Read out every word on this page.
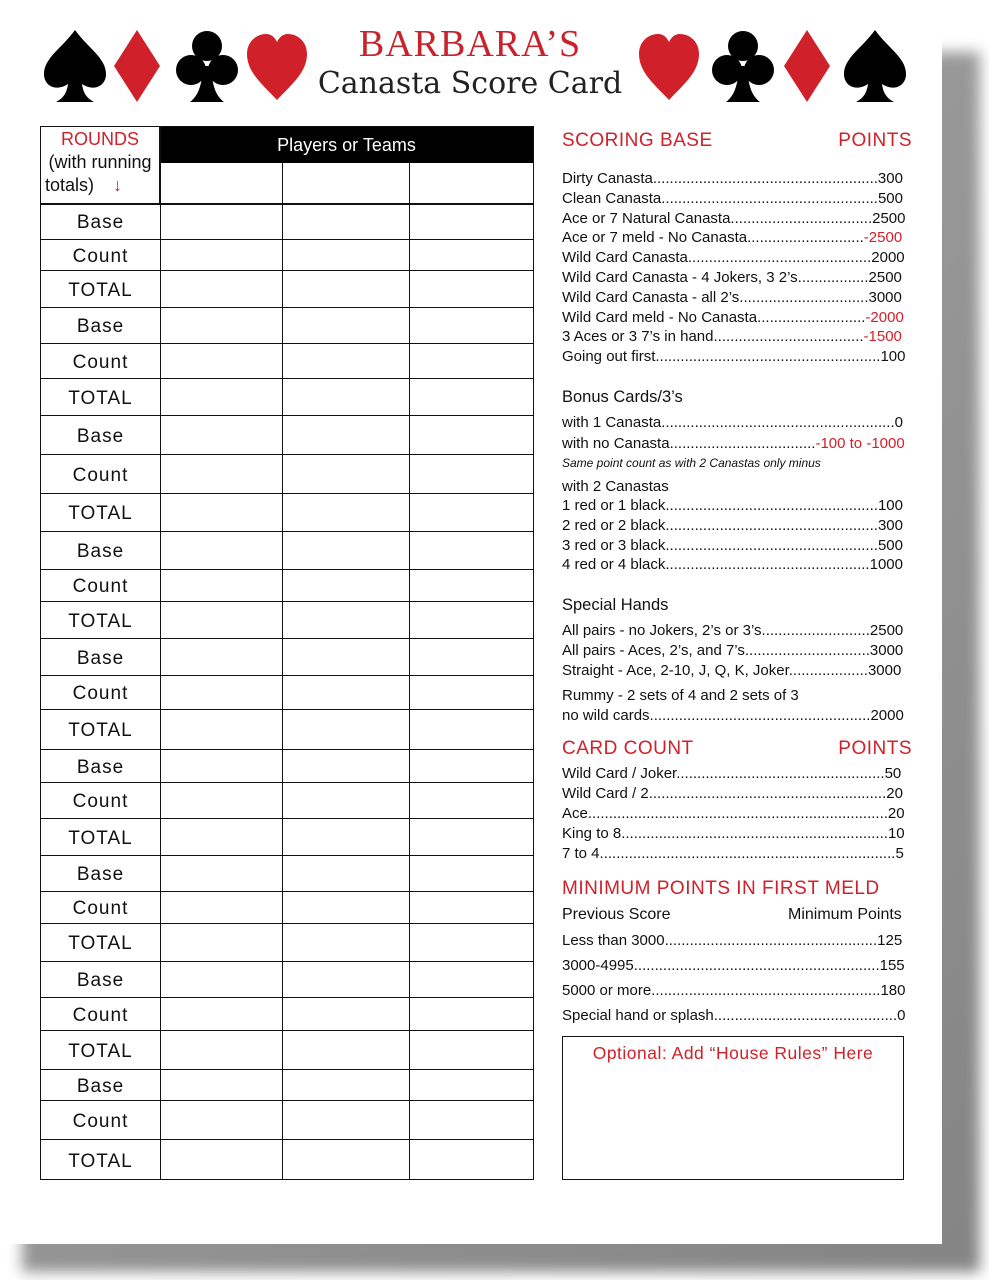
BARBARA’S
Canasta Score Card
ROUNDS
(with running
totals) ↓
Players or Teams
Base
Count
TOTAL
Base
Count
TOTAL
Base
Count
TOTAL
Base
Count
TOTAL
Base
Count
TOTAL
Base
Count
TOTAL
Base
Count
TOTAL
Base
Count
TOTAL
Base
Count
TOTAL
SCORING BASE	POINTS
Dirty Canasta......................................................300
Clean Canasta....................................................500
Ace or 7 Natural Canasta..................................2500
Ace or 7 meld - No Canasta............................-2500
Wild Card Canasta............................................2000
Wild Card Canasta - 4 Jokers, 3 2’s.................2500
Wild Card Canasta - all 2’s...............................3000
Wild Card meld - No Canasta..........................-2000
3 Aces or 3 7’s in hand....................................-1500
Going out first......................................................100
Bonus Cards/3’s
with 1 Canasta........................................................0
with no Canasta...................................-100 to -1000
Same point count as with 2 Canastas only minus
with 2 Canastas
1 red or 1 black...................................................100
2 red or 2 black...................................................300
3 red or 3 black...................................................500
4 red or 4 black.................................................1000
Special Hands
All pairs - no Jokers, 2’s or 3’s..........................2500
All pairs - Aces, 2’s, and 7’s..............................3000
Straight - Ace, 2-10, J, Q, K, Joker...................3000
Rummy - 2 sets of 4 and 2 sets of 3
no wild cards.....................................................2000
CARD COUNT	POINTS
Wild Card / Joker..................................................50
Wild Card / 2.........................................................20
Ace........................................................................20
King to 8................................................................10
7 to 4.......................................................................5
MINIMUM POINTS IN FIRST MELD
Previous Score	Minimum Points
Less than 3000...................................................125
3000-4995...........................................................155
5000 or more.......................................................180
Special hand or splash............................................0
Optional: Add “House Rules” Here
